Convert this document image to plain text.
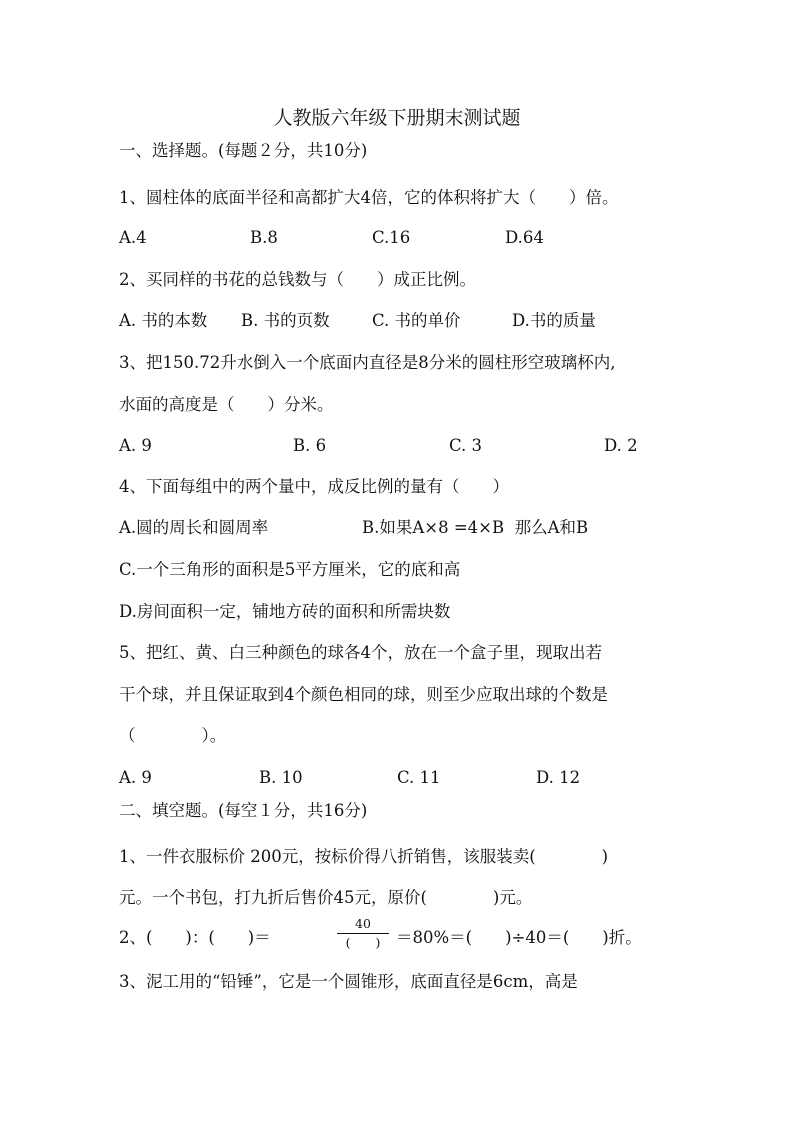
人教版六年级下册期末测试题
一、选择题。(每题２分，共10分)
1、圆柱体的底面半径和高都扩大4倍，它的体积将扩大（　　）倍。
A.4	B.8	C.16	D.64
2、买同样的书花的总钱数与（　　）成正比例。
A. 书的本数 B. 书的页数	C. 书的单价	D.书的质量
3、把150.72升水倒入一个底面内直径是8分米的圆柱形空玻璃杯内,
水面的高度是（　　）分米。
A. 9	B. 6	C. 3	D. 2
4、下面每组中的两个量中，成反比例的量有（　　）
A.圆的周长和圆周率	B.如果A×8 =4×B  那么A和B
C.一个三角形的面积是5平方厘米，它的底和高
D.房间面积一定，铺地方砖的面积和所需块数
5、把红、黄、白三种颜色的球各4个，放在一个盒子里，现取出若
干个球，并且保证取到4个颜色相同的球，则至少应取出球的个数是
（　　　　）。
A. 9	B. 10	C. 11	D. 12
二、填空题。(每空１分，共16分)
1、一件衣服标价 200元，按标价得八折销售，该服装卖(　　　　)
元。一个书包，打九折后售价45元，原价(　　　　)元。
2、(　　)：(　　)＝
40
(　　) ＝80%＝(　　)÷40＝(　　)折。
3、泥工用的“铅锤”，它是一个圆锥形，底面直径是6cm，高是
